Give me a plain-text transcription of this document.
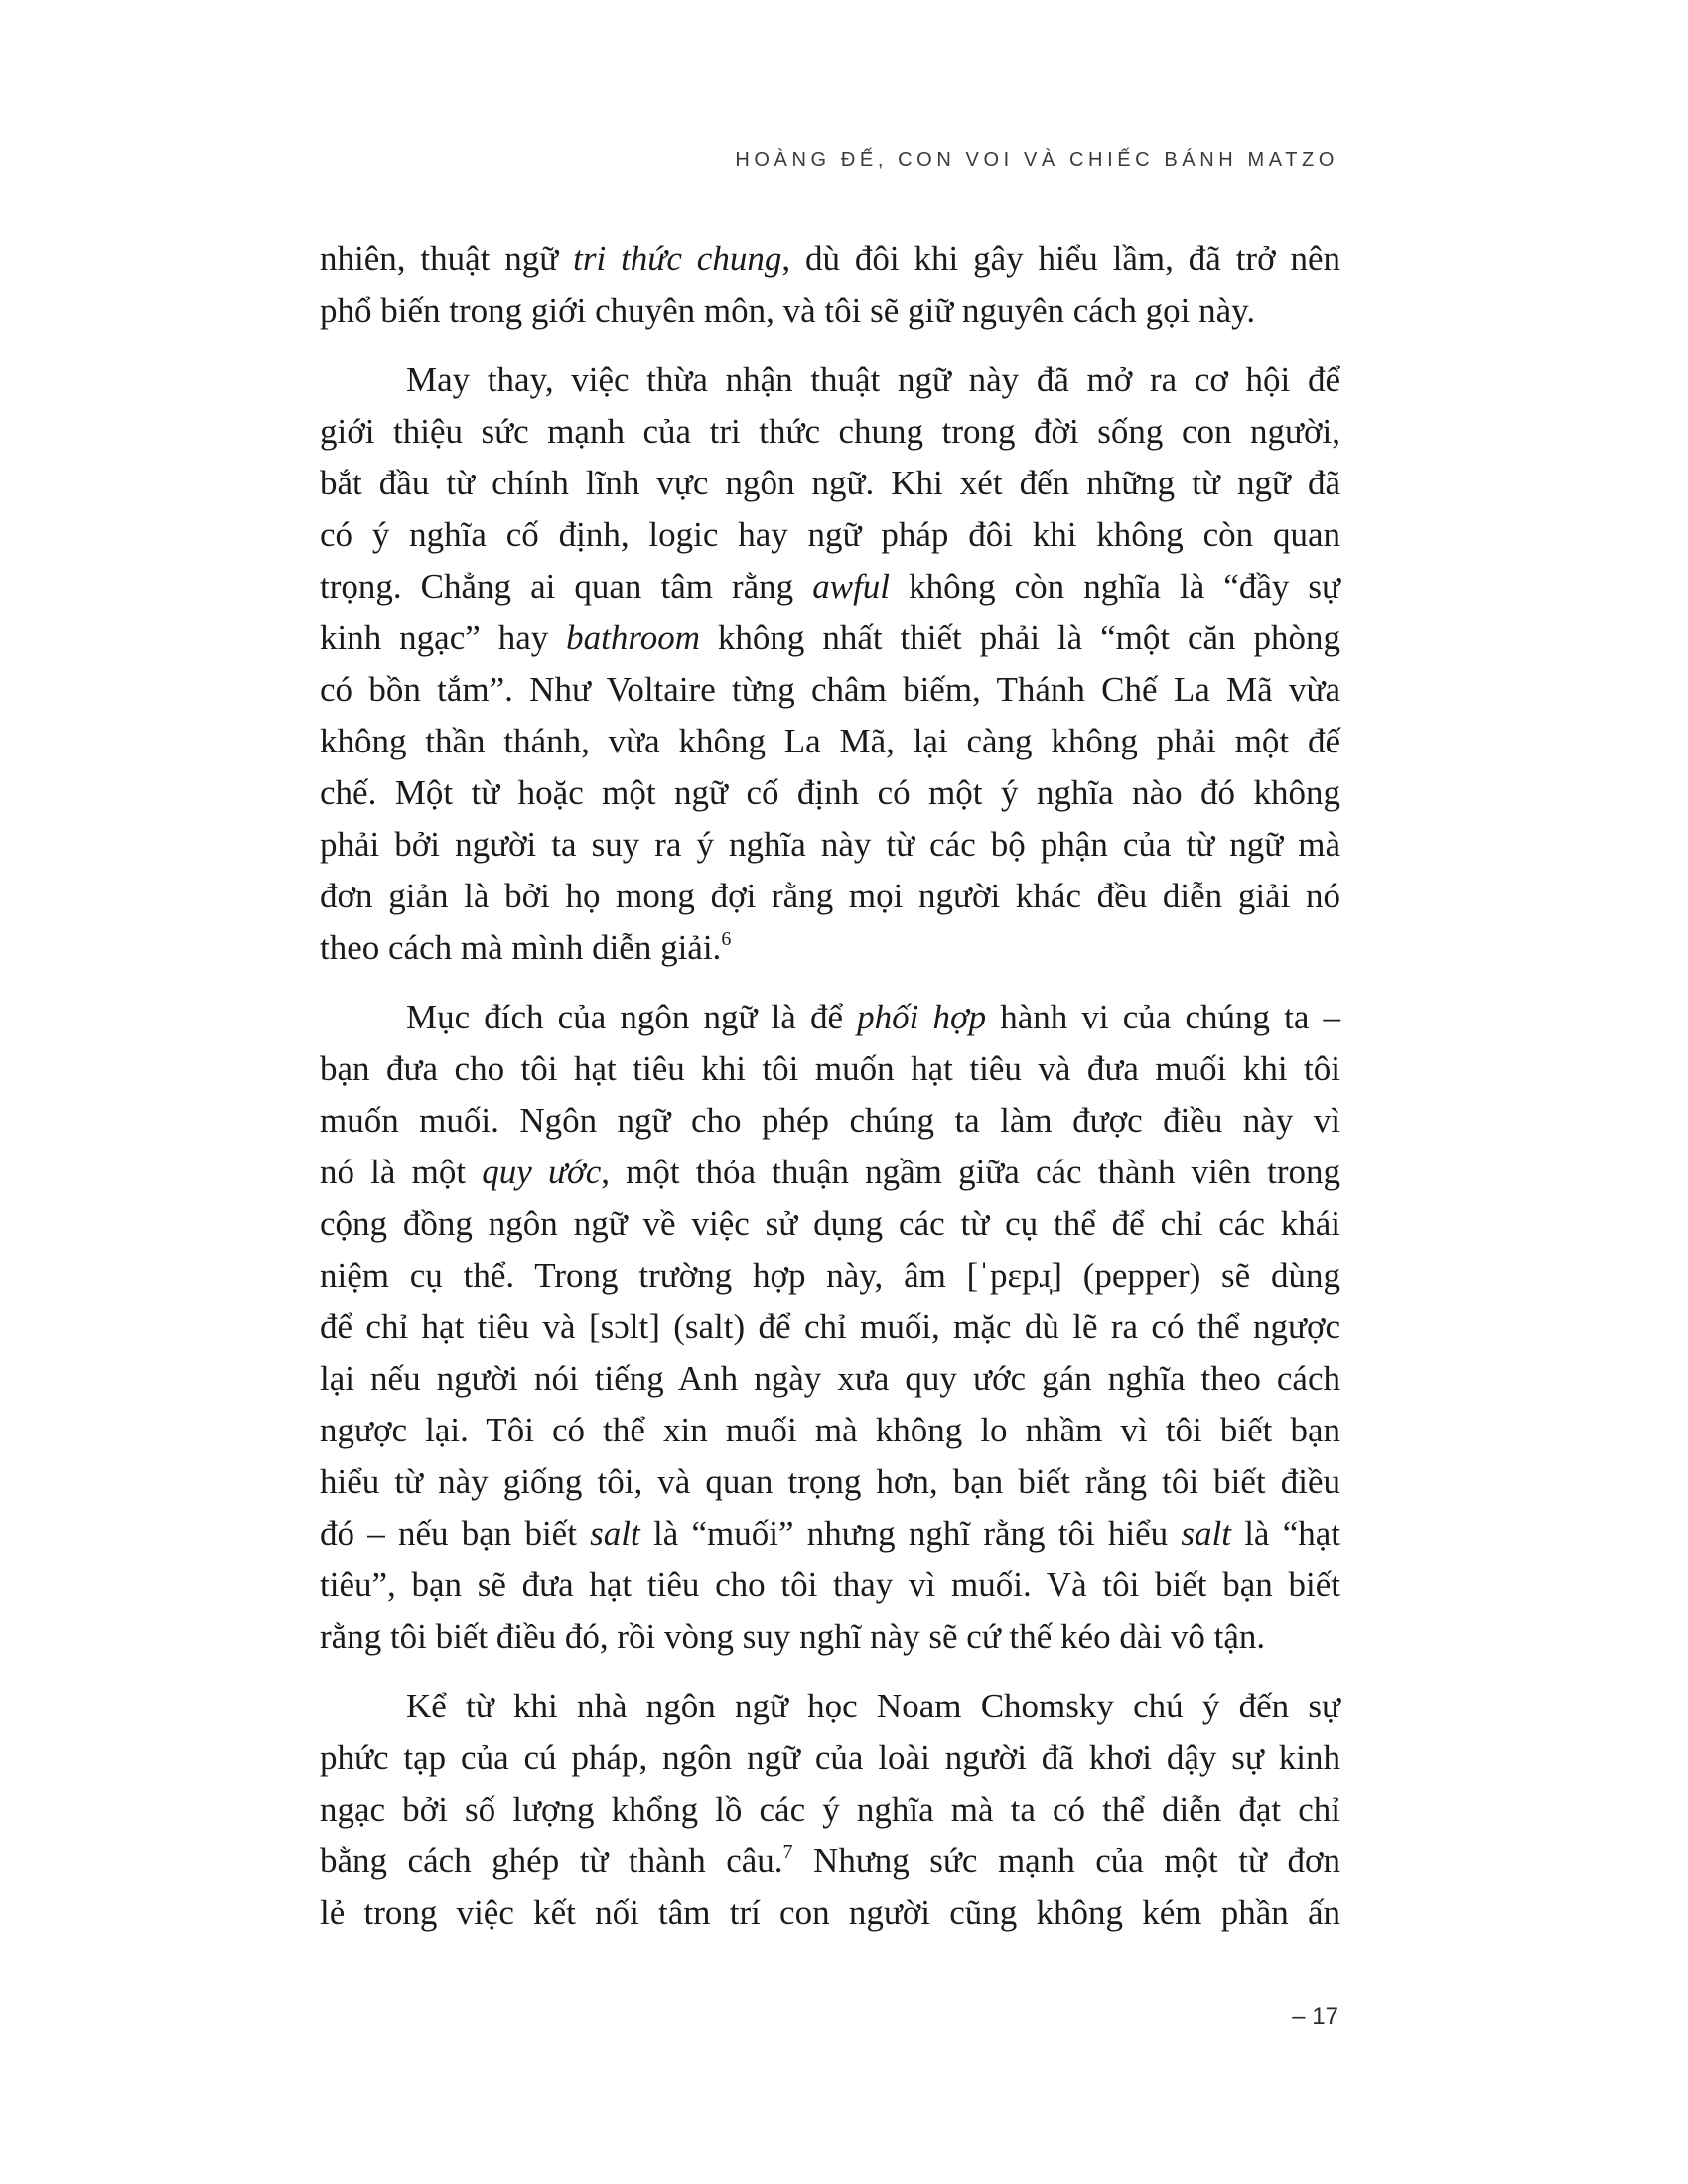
HOÀNG ĐẾ, CON VOI VÀ CHIẾC BÁNH MATZO
nhiên, thuật ngữ tri thức chung, dù đôi khi gây hiểu lầm, đã trở nên
phổ biến trong giới chuyên môn, và tôi sẽ giữ nguyên cách gọi này.
May thay, việc thừa nhận thuật ngữ này đã mở ra cơ hội để
giới thiệu sức mạnh của tri thức chung trong đời sống con người,
bắt đầu từ chính lĩnh vực ngôn ngữ. Khi xét đến những từ ngữ đã
có ý nghĩa cố định, logic hay ngữ pháp đôi khi không còn quan
trọng. Chẳng ai quan tâm rằng awful không còn nghĩa là “đầy sự
kinh ngạc” hay bathroom không nhất thiết phải là “một căn phòng
có bồn tắm”. Như Voltaire từng châm biếm, Thánh Chế La Mã vừa
không thần thánh, vừa không La Mã, lại càng không phải một đế
chế. Một từ hoặc một ngữ cố định có một ý nghĩa nào đó không
phải bởi người ta suy ra ý nghĩa này từ các bộ phận của từ ngữ mà
đơn giản là bởi họ mong đợi rằng mọi người khác đều diễn giải nó
theo cách mà mình diễn giải.$^6$
Mục đích của ngôn ngữ là để phối hợp hành vi của chúng ta –
bạn đưa cho tôi hạt tiêu khi tôi muốn hạt tiêu và đưa muối khi tôi
muốn muối. Ngôn ngữ cho phép chúng ta làm được điều này vì
nó là một quy ước, một thỏa thuận ngầm giữa các thành viên trong
cộng đồng ngôn ngữ về việc sử dụng các từ cụ thể để chỉ các khái
niệm cụ thể. Trong trường hợp này, âm [ˈpɛpɹ̩] (pepper) sẽ dùng
để chỉ hạt tiêu và [sɔlt] (salt) để chỉ muối, mặc dù lẽ ra có thể ngược
lại nếu người nói tiếng Anh ngày xưa quy ước gán nghĩa theo cách
ngược lại. Tôi có thể xin muối mà không lo nhầm vì tôi biết bạn
hiểu từ này giống tôi, và quan trọng hơn, bạn biết rằng tôi biết điều
đó – nếu bạn biết salt là “muối” nhưng nghĩ rằng tôi hiểu salt là “hạt
tiêu”, bạn sẽ đưa hạt tiêu cho tôi thay vì muối. Và tôi biết bạn biết
rằng tôi biết điều đó, rồi vòng suy nghĩ này sẽ cứ thế kéo dài vô tận.
Kể từ khi nhà ngôn ngữ học Noam Chomsky chú ý đến sự
phức tạp của cú pháp, ngôn ngữ của loài người đã khơi dậy sự kinh
ngạc bởi số lượng khổng lồ các ý nghĩa mà ta có thể diễn đạt chỉ
bằng cách ghép từ thành câu.$^7$ Nhưng sức mạnh của một từ đơn
lẻ trong việc kết nối tâm trí con người cũng không kém phần ấn
– 17
